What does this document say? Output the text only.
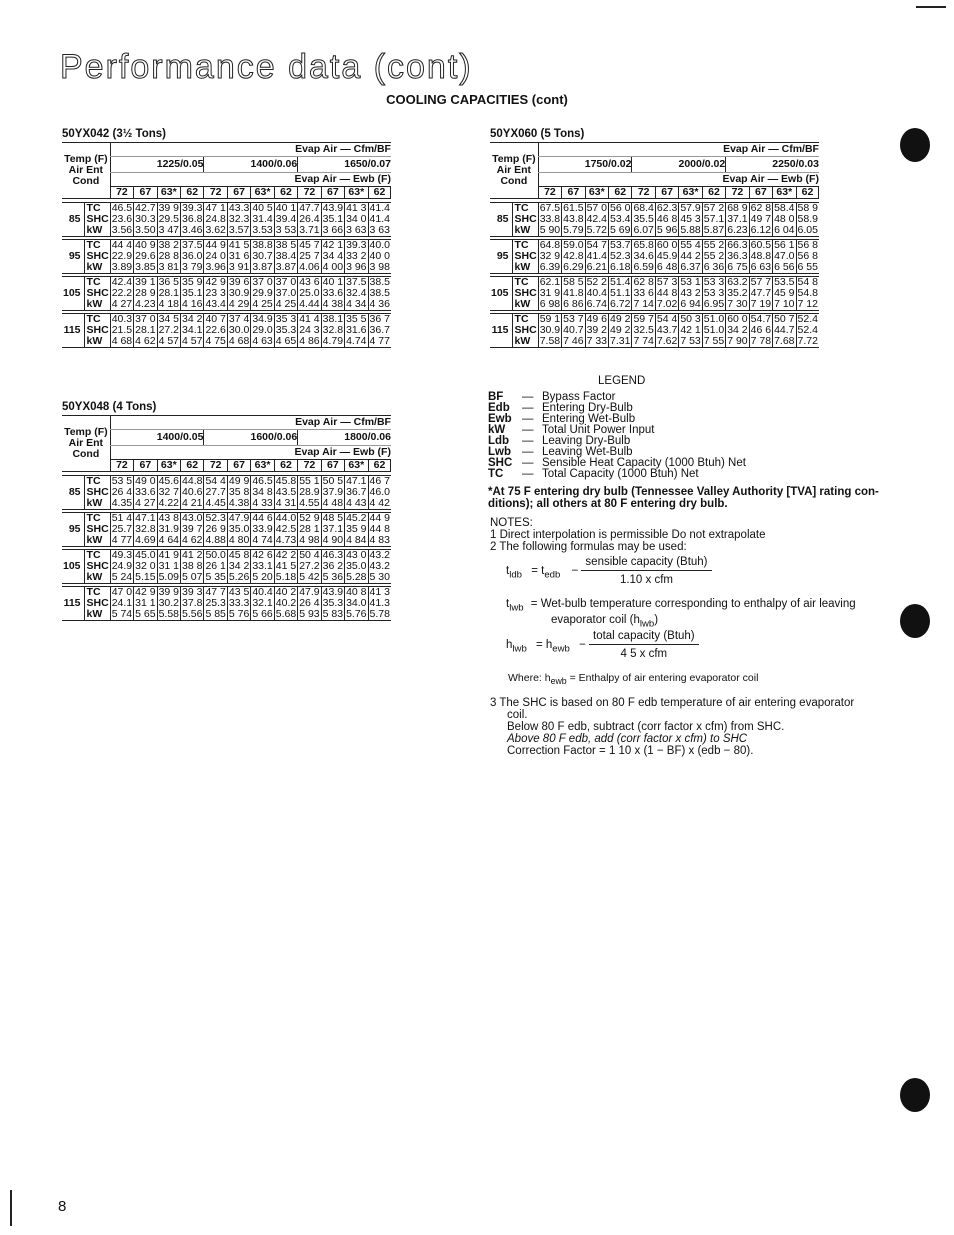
Performance data (cont)
COOLING CAPACITIES (cont)
50YX042 (3½ Tons)
Temp (F)
Air Ent
Cond		Evap Air — Cfm/BF											
		1225/0.05				1400/0.06				1650/0.07			
		Evap Air — Ewb (F)											
		72	67	63*	62	72	67	63*	62	72	67	63*	62

85	TC	46.5	42.7	39 9	39.3	47 1	43.3	40 5	40 1	47.7	43.9	41 3	41.4
	SHC	23.6	30.3	29.5	36.8	24.8	32.3	31.4	39.4	26.4	35.1	34 0	41.4
	kW	3.56	3.50	3 47	3.46	3.62	3.57	3.53	3 53	3.71	3 66	3 63	3 63

95	TC	44 4	40 9	38 2	37.5	44 9	41 5	38.8	38 5	45 7	42 1	39.3	40.0
	SHC	22.9	29.6	28 8	36.0	24 0	31 6	30.7	38.4	25 7	34 4	33 2	40 0
	kW	3.89	3.85	3 81	3 79	3.96	3 91	3.87	3.87	4.06	4 00	3 96	3 98

105	TC	42.4	39 1	36 5	35 9	42 9	39 6	37 0	37 0	43 6	40 1	37.5	38.5
	SHC	22.2	28 9	28.1	35.1	23 3	30.9	29.9	37.0	25.0	33.6	32.4	38.5
	kW	4 27	4.23	4 18	4 16	43.4	4 29	4 25	4 25	4.44	4 38	4 34	4 36

115	TC	40.3	37 0	34 5	34 2	40 7	37 4	34.9	35 3	41 4	38.1	35 5	36 7
	SHC	21.5	28.1	27.2	34.1	22.6	30.0	29.0	35.3	24 3	32.8	31.6	36.7
	kW	4 68	4 62	4 57	4 57	4 75	4 68	4 63	4 65	4 86	4.79	4.74	4 77

50YX048 (4 Tons)
Temp (F)
Air Ent
Cond		Evap Air — Cfm/BF											
		1400/0.05				1600/0.06				1800/0.06			
		Evap Air — Ewb (F)											
		72	67	63*	62	72	67	63*	62	72	67	63*	62

85	TC	53 5	49 0	45.6	44.8	54 4	49 9	46.5	45.8	55 1	50 5	47.1	46 7
	SHC	26 4	33.6	32 7	40.6	27.7	35 8	34 8	43.5	28.9	37.9	36.7	46.0
	kW	4.35	4 27	4.22	4 21	4.45	4.38	4 33	4 31	4.55	4 48	4 43	4 42

95	TC	51 4	47.1	43 8	43.0	52.3	47.9	44 6	44.0	52 9	48 5	45.2	44 9
	SHC	25.7	32.8	31.9	39 7	26 9	35.0	33.9	42.5	28 1	37.1	35 9	44 8
	kW	4 77	4.69	4 64	4 62	4.88	4 80	4 74	4.73	4 98	4 90	4 84	4 83

105	TC	49.3	45.0	41 9	41 2	50.0	45 8	42 6	42 2	50 4	46.3	43 0	43.2
	SHC	24.9	32 0	31 1	38 8	26 1	34 2	33.1	41 5	27.2	36 2	35.0	43.2
	kW	5 24	5.15	5.09	5 07	5 35	5.26	5 20	5.18	5 42	5 36	5.28	5 30

115	TC	47 0	42 9	39 9	39 3	47 7	43 5	40.4	40 2	47.9	43.9	40 8	41 3
	SHC	24.1	31 1	30.2	37.8	25.3	33.3	32.1	40.2	26 4	35.3	34.0	41.3
	kW	5 74	5 65	5.58	5.56	5 85	5 76	5 66	5.68	5 93	5 83	5.76	5.78

50YX060 (5 Tons)
Temp (F)
Air Ent
Cond		Evap Air — Cfm/BF											
		1750/0.02				2000/0.02				2250/0.03			
		Evap Air — Ewb (F)											
		72	67	63*	62	72	67	63*	62	72	67	63*	62

85	TC	67.5	61.5	57 0	56 0	68.4	62.3	57.9	57 2	68 9	62 8	58.4	58 9
	SHC	33.8	43.8	42.4	53.4	35.5	46 8	45 3	57.1	37.1	49 7	48 0	58.9
	kW	5 90	5.79	5.72	5 69	6.07	5 96	5.88	5.87	6.23	6.12	6 04	6.05

95	TC	64.8	59.0	54 7	53.7	65.8	60 0	55 4	55 2	66.3	60.5	56 1	56 8
	SHC	32 9	42.8	41.4	52.3	34.6	45.9	44 2	55 2	36.3	48.8	47.0	56 8
	kW	6.39	6.29	6.21	6.18	6.59	6 48	6.37	6 36	6 75	6 63	6 56	6 55

105	TC	62.1	58 5	52 2	51.4	62 8	57 3	53 1	53 3	63.2	57 7	53.5	54 8
	SHC	31 9	41.8	40.4	51.1	33 6	44 8	43 2	53 3	35.2	47.7	45 9	54.8
	kW	6 98	6 86	6.74	6.72	7 14	7.02	6 94	6.95	7 30	7 19	7 10	7 12

115	TC	59 1	53 7	49 6	49 2	59 7	54 4	50 3	51.0	60 0	54.7	50 7	52.4
	SHC	30.9	40.7	39 2	49 2	32.5	43.7	42 1	51.0	34 2	46 6	44.7	52.4
	kW	7.58	7 46	7 33	7.31	7 74	7.62	7 53	7 55	7 90	7 78	7.68	7.72

LEGEND
BF — Bypass Factor
Edb — Entering Dry-Bulb
Ewb — Entering Wet-Bulb
kW — Total Unit Power Input
Ldb — Leaving Dry-Bulb
Lwb — Leaving Wet-Bulb
SHC — Sensible Heat Capacity (1000 Btuh) Net
TC — Total Capacity (1000 Btuh) Net
*At 75 F entering dry bulb (Tennessee Valley Authority [TVA] rating con-
ditions); all others at 80 F entering dry bulb.
NOTES:
1 Direct interpolation is permissible Do not extrapolate
2 The following formulas may be used:
$t_{ldb} = t_{edb} - \frac{\text{sensible capacity (Btuh)}}{\text{1.10 x cfm}}$
$t_{lwb}$ = Wet-bulb temperature corresponding to enthalpy of air leaving
evaporator coil $(h_{lwb})$
$h_{lwb} = h_{ewb} - \frac{\text{total capacity (Btuh)}}{\text{4 5 x cfm}}$
Where: $h_{ewb}$ = Enthalpy of air entering evaporator coil
3 The SHC is based on 80 F edb temperature of air entering evaporator
coil.
Below 80 F edb, subtract (corr factor x cfm) from SHC.
Above 80 F edb, add (corr factor x cfm) to SHC
Correction Factor = 1 10 x (1 − BF) x (edb − 80).
8
